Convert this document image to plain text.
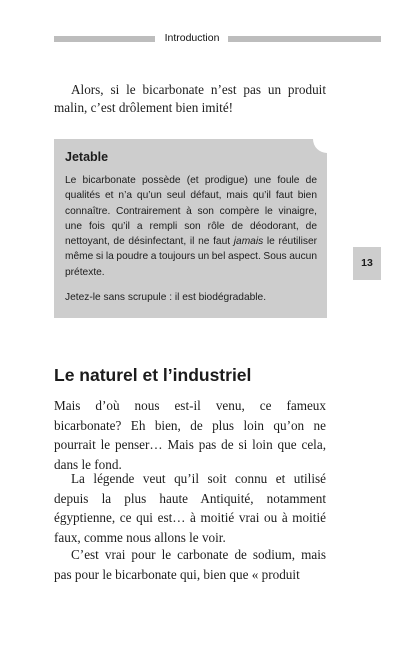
Introduction

Alors, si le bicarbonate n’est pas un produit malin, c’est drôlement bien imité!

Jetable

Le bicarbonate possède (et prodigue) une foule de qualités et n’a qu’un seul défaut, mais qu’il faut bien connaître. Contrairement à son compère le vinaigre, une fois qu’il a rempli son rôle de déodorant, de nettoyant, de désinfectant, il ne faut jamais le réutiliser même si la poudre a toujours un bel aspect. Sous aucun prétexte.

Jetez-le sans scrupule : il est biodégradable.

13
Le naturel et l’industriel

Mais d’où nous est-il venu, ce fameux bicarbonate? Eh bien, de plus loin qu’on ne pourrait le penser… Mais pas de si loin que cela, dans le fond.

La légende veut qu’il soit connu et utilisé depuis la plus haute Antiquité, notamment égyptienne, ce qui est… à moitié vrai ou à moitié faux, comme nous allons le voir.

C’est vrai pour le carbonate de sodium, mais pas pour le bicarbonate qui, bien que « produit
